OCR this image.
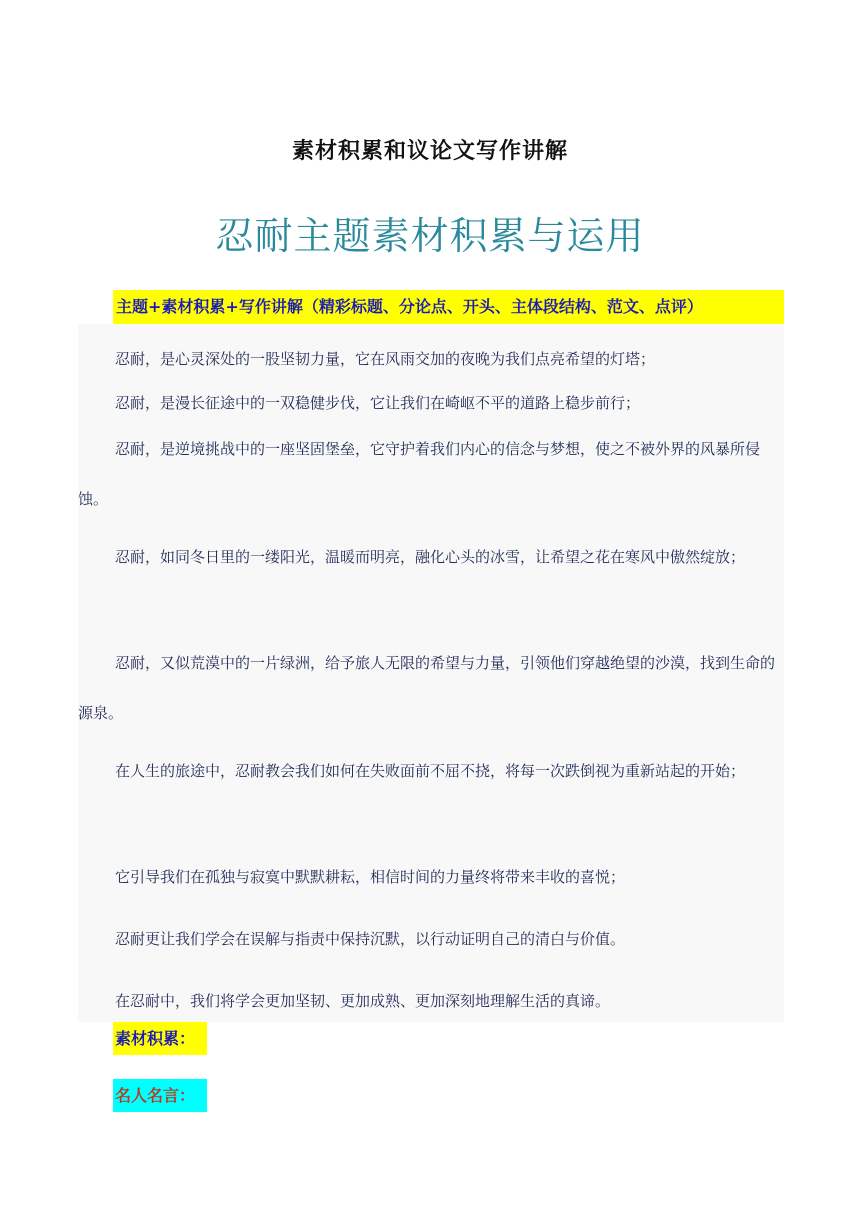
素材积累和议论文写作讲解
忍耐主题素材积累与运用
主题+素材积累+写作讲解（精彩标题、分论点、开头、主体段结构、范文、点评）

忍耐，是心灵深处的一股坚韧力量，它在风雨交加的夜晚为我们点亮希望的灯塔；

忍耐，是漫长征途中的一双稳健步伐，它让我们在崎岖不平的道路上稳步前行；

忍耐，是逆境挑战中的一座坚固堡垒，它守护着我们内心的信念与梦想，使之不被外界的风暴所侵蚀。

忍耐，如同冬日里的一缕阳光，温暖而明亮，融化心头的冰雪，让希望之花在寒风中傲然绽放；

忍耐，又似荒漠中的一片绿洲，给予旅人无限的希望与力量，引领他们穿越绝望的沙漠，找到生命的源泉。

在人生的旅途中，忍耐教会我们如何在失败面前不屈不挠，将每一次跌倒视为重新站起的开始；

它引导我们在孤独与寂寞中默默耕耘，相信时间的力量终将带来丰收的喜悦；

忍耐更让我们学会在误解与指责中保持沉默，以行动证明自己的清白与价值。

在忍耐中，我们将学会更加坚韧、更加成熟、更加深刻地理解生活的真谛。

素材积累：
名人名言：
